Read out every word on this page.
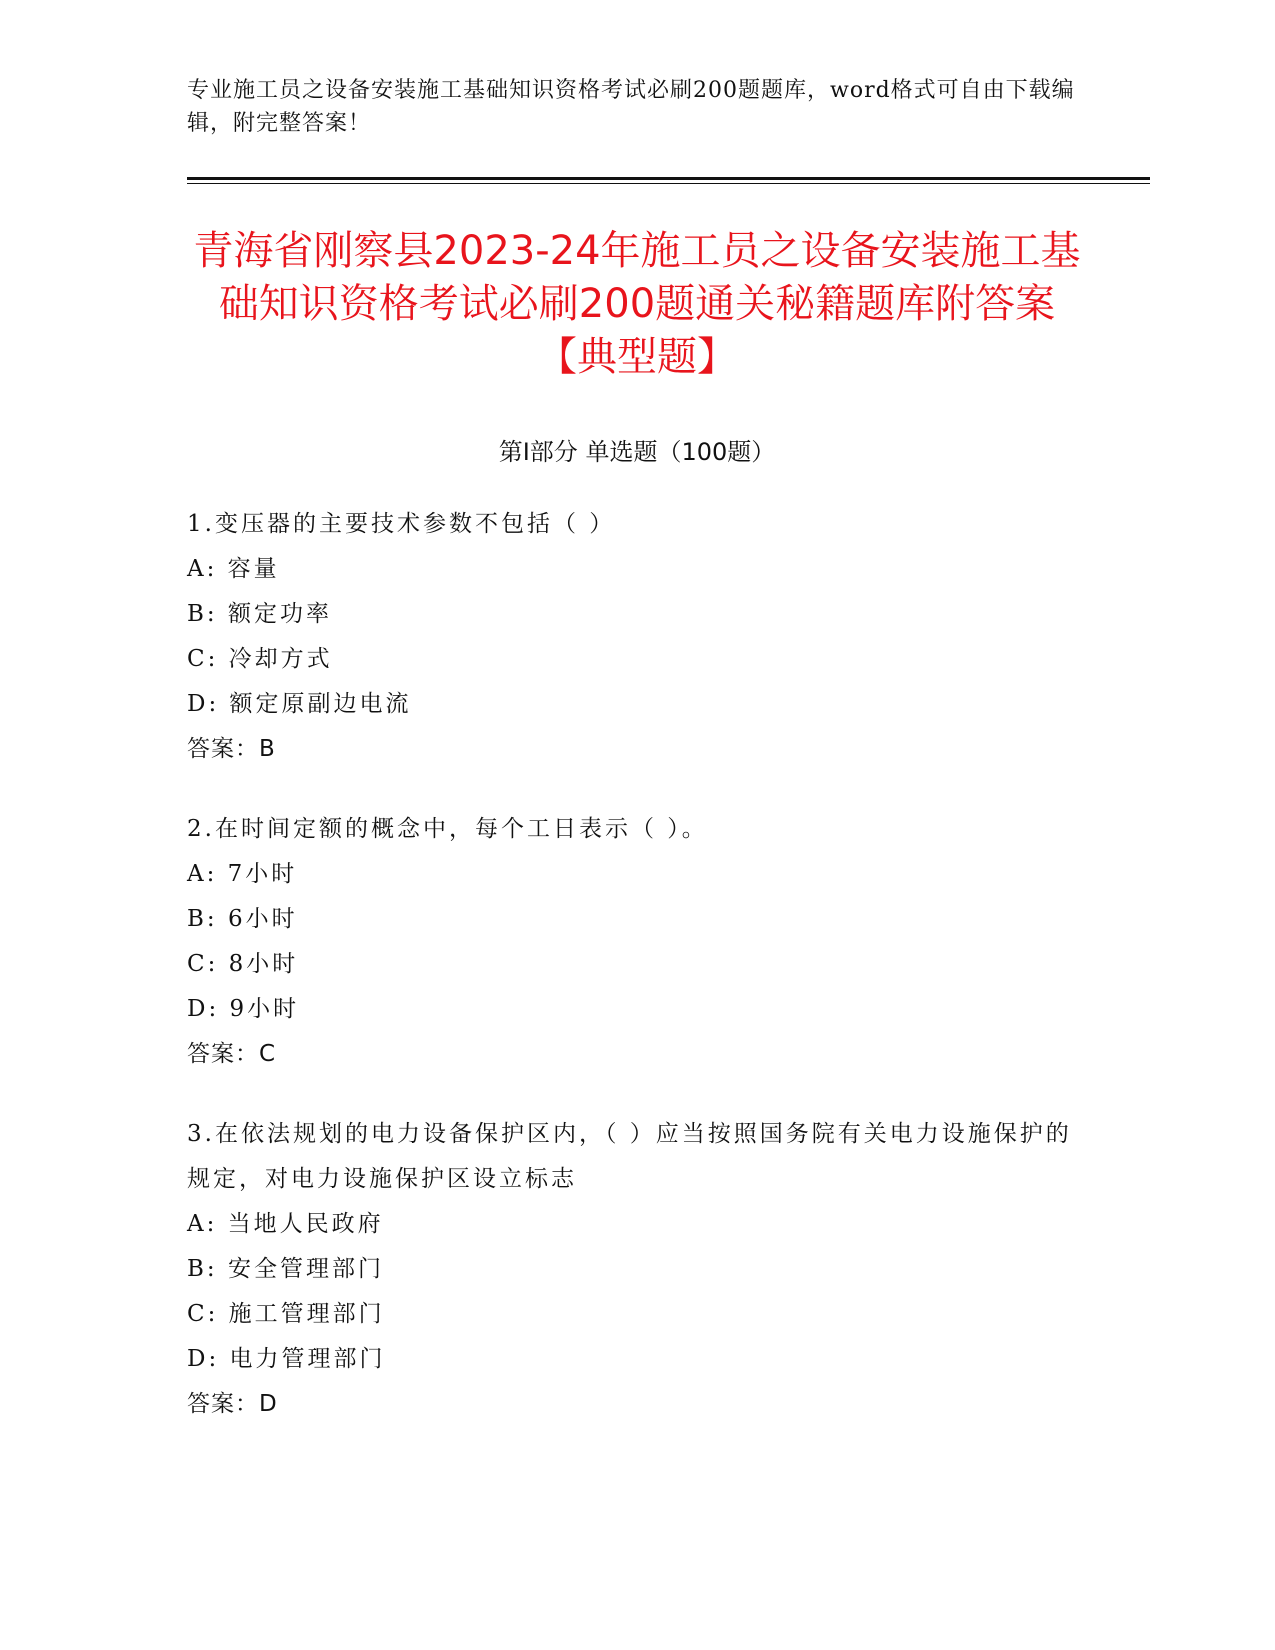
专业施工员之设备安装施工基础知识资格考试必刷200题题库，word格式可自由下载编辑，附完整答案！
青海省刚察县2023-24年施工员之设备安装施工基础知识资格考试必刷200题通关秘籍题库附答案【典型题】
第I部分 单选题（100题）
1.变压器的主要技术参数不包括（ ）
A: 容量
B: 额定功率
C: 冷却方式
D: 额定原副边电流
答案：B
2.在时间定额的概念中，每个工日表示（ ）。
A: 7小时
B: 6小时
C: 8小时
D: 9小时
答案：C
3.在依法规划的电力设备保护区内，（ ）应当按照国务院有关电力设施保护的规定，对电力设施保护区设立标志
A: 当地人民政府
B: 安全管理部门
C: 施工管理部门
D: 电力管理部门
答案：D
